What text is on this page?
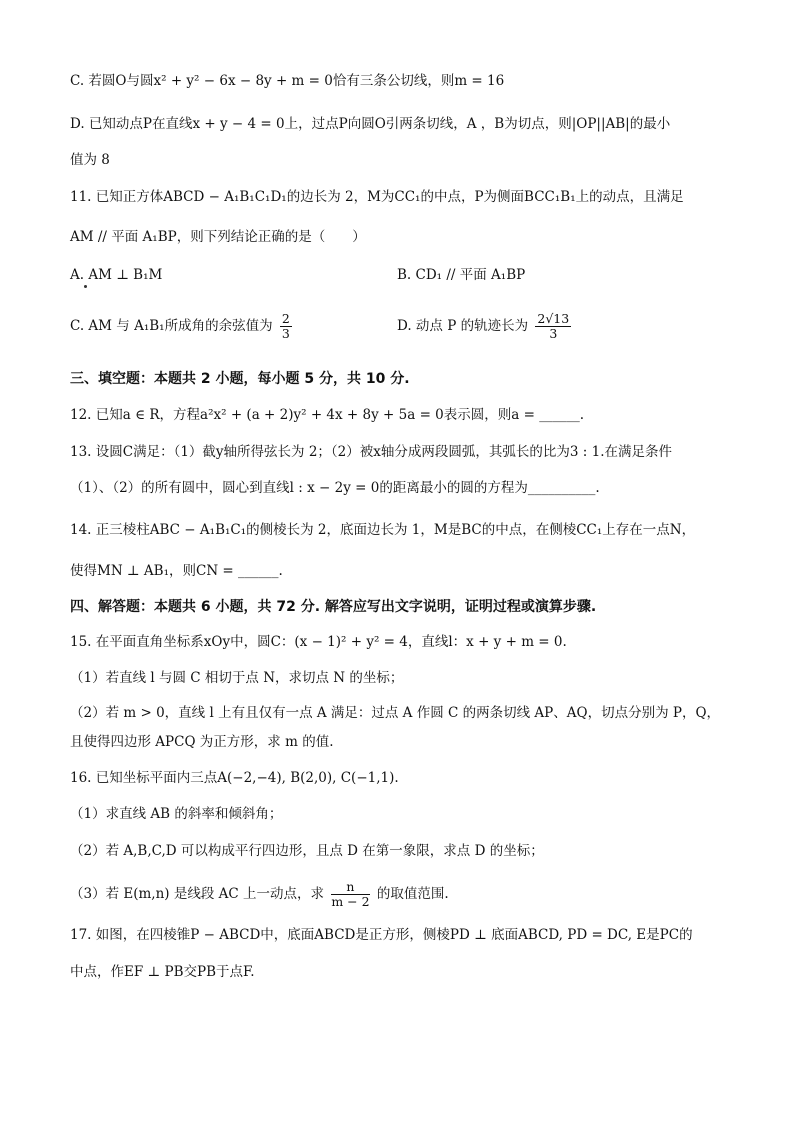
C. 若圆O与圆x² + y² − 6x − 8y + m = 0恰有三条公切线，则m = 16
D. 已知动点P在直线x + y − 4 = 0上，过点P向圆O引两条切线，A ，B为切点，则|OP||AB|的最小
值为 8
11. 已知正方体ABCD − A₁B₁C₁D₁的边长为 2，M为CC₁的中点，P为侧面BCC₁B₁上的动点，且满足
AM // 平面 A₁BP，则下列结论正确的是（　　）
A. AM ⊥ B₁M	B. CD₁ // 平面 A₁BP
C. AM 与 A₁B₁所成角的余弦值为 $\frac{2}{3}$	D. 动点 P 的轨迹长为 $\frac{2√13}{3}$
三、填空题：本题共 2 小题，每小题 5 分，共 10 分.
12. 已知a ∈ R，方程a²x² + (a + 2)y² + 4x + 8y + 5a = 0表示圆，则a = ______.
13. 设圆C满足：（1）截y轴所得弦长为 2；（2）被x轴分成两段圆弧，其弧长的比为3 : 1.在满足条件
（1）、（2）的所有圆中，圆心到直线l : x − 2y = 0的距离最小的圆的方程为__________.
14. 正三棱柱ABC − A₁B₁C₁的侧棱长为 2，底面边长为 1，M是BC的中点，在侧棱CC₁上存在一点N，
使得MN ⊥ AB₁，则CN = ______.
四、解答题：本题共 6 小题，共 72 分. 解答应写出文字说明，证明过程或演算步骤.
15. 在平面直角坐标系xOy中，圆C：(x − 1)² + y² = 4，直线l：x + y + m = 0.
（1）若直线 l 与圆 C 相切于点 N，求切点 N 的坐标；
（2）若 m > 0，直线 l 上有且仅有一点 A 满足：过点 A 作圆 C 的两条切线 AP、AQ，切点分别为 P，Q，
且使得四边形 APCQ 为正方形，求 m 的值.
16. 已知坐标平面内三点A(−2,−4), B(2,0), C(−1,1).
（1）求直线 AB 的斜率和倾斜角；
（2）若 A,B,C,D 可以构成平行四边形，且点 D 在第一象限，求点 D 的坐标；
（3）若 E(m,n) 是线段 AC 上一动点，求 $\frac{n}{m - 2}$ 的取值范围.
17. 如图，在四棱锥P − ABCD中，底面ABCD是正方形，侧棱PD ⊥ 底面ABCD, PD = DC, E是PC的
中点，作EF ⊥ PB交PB于点F.
